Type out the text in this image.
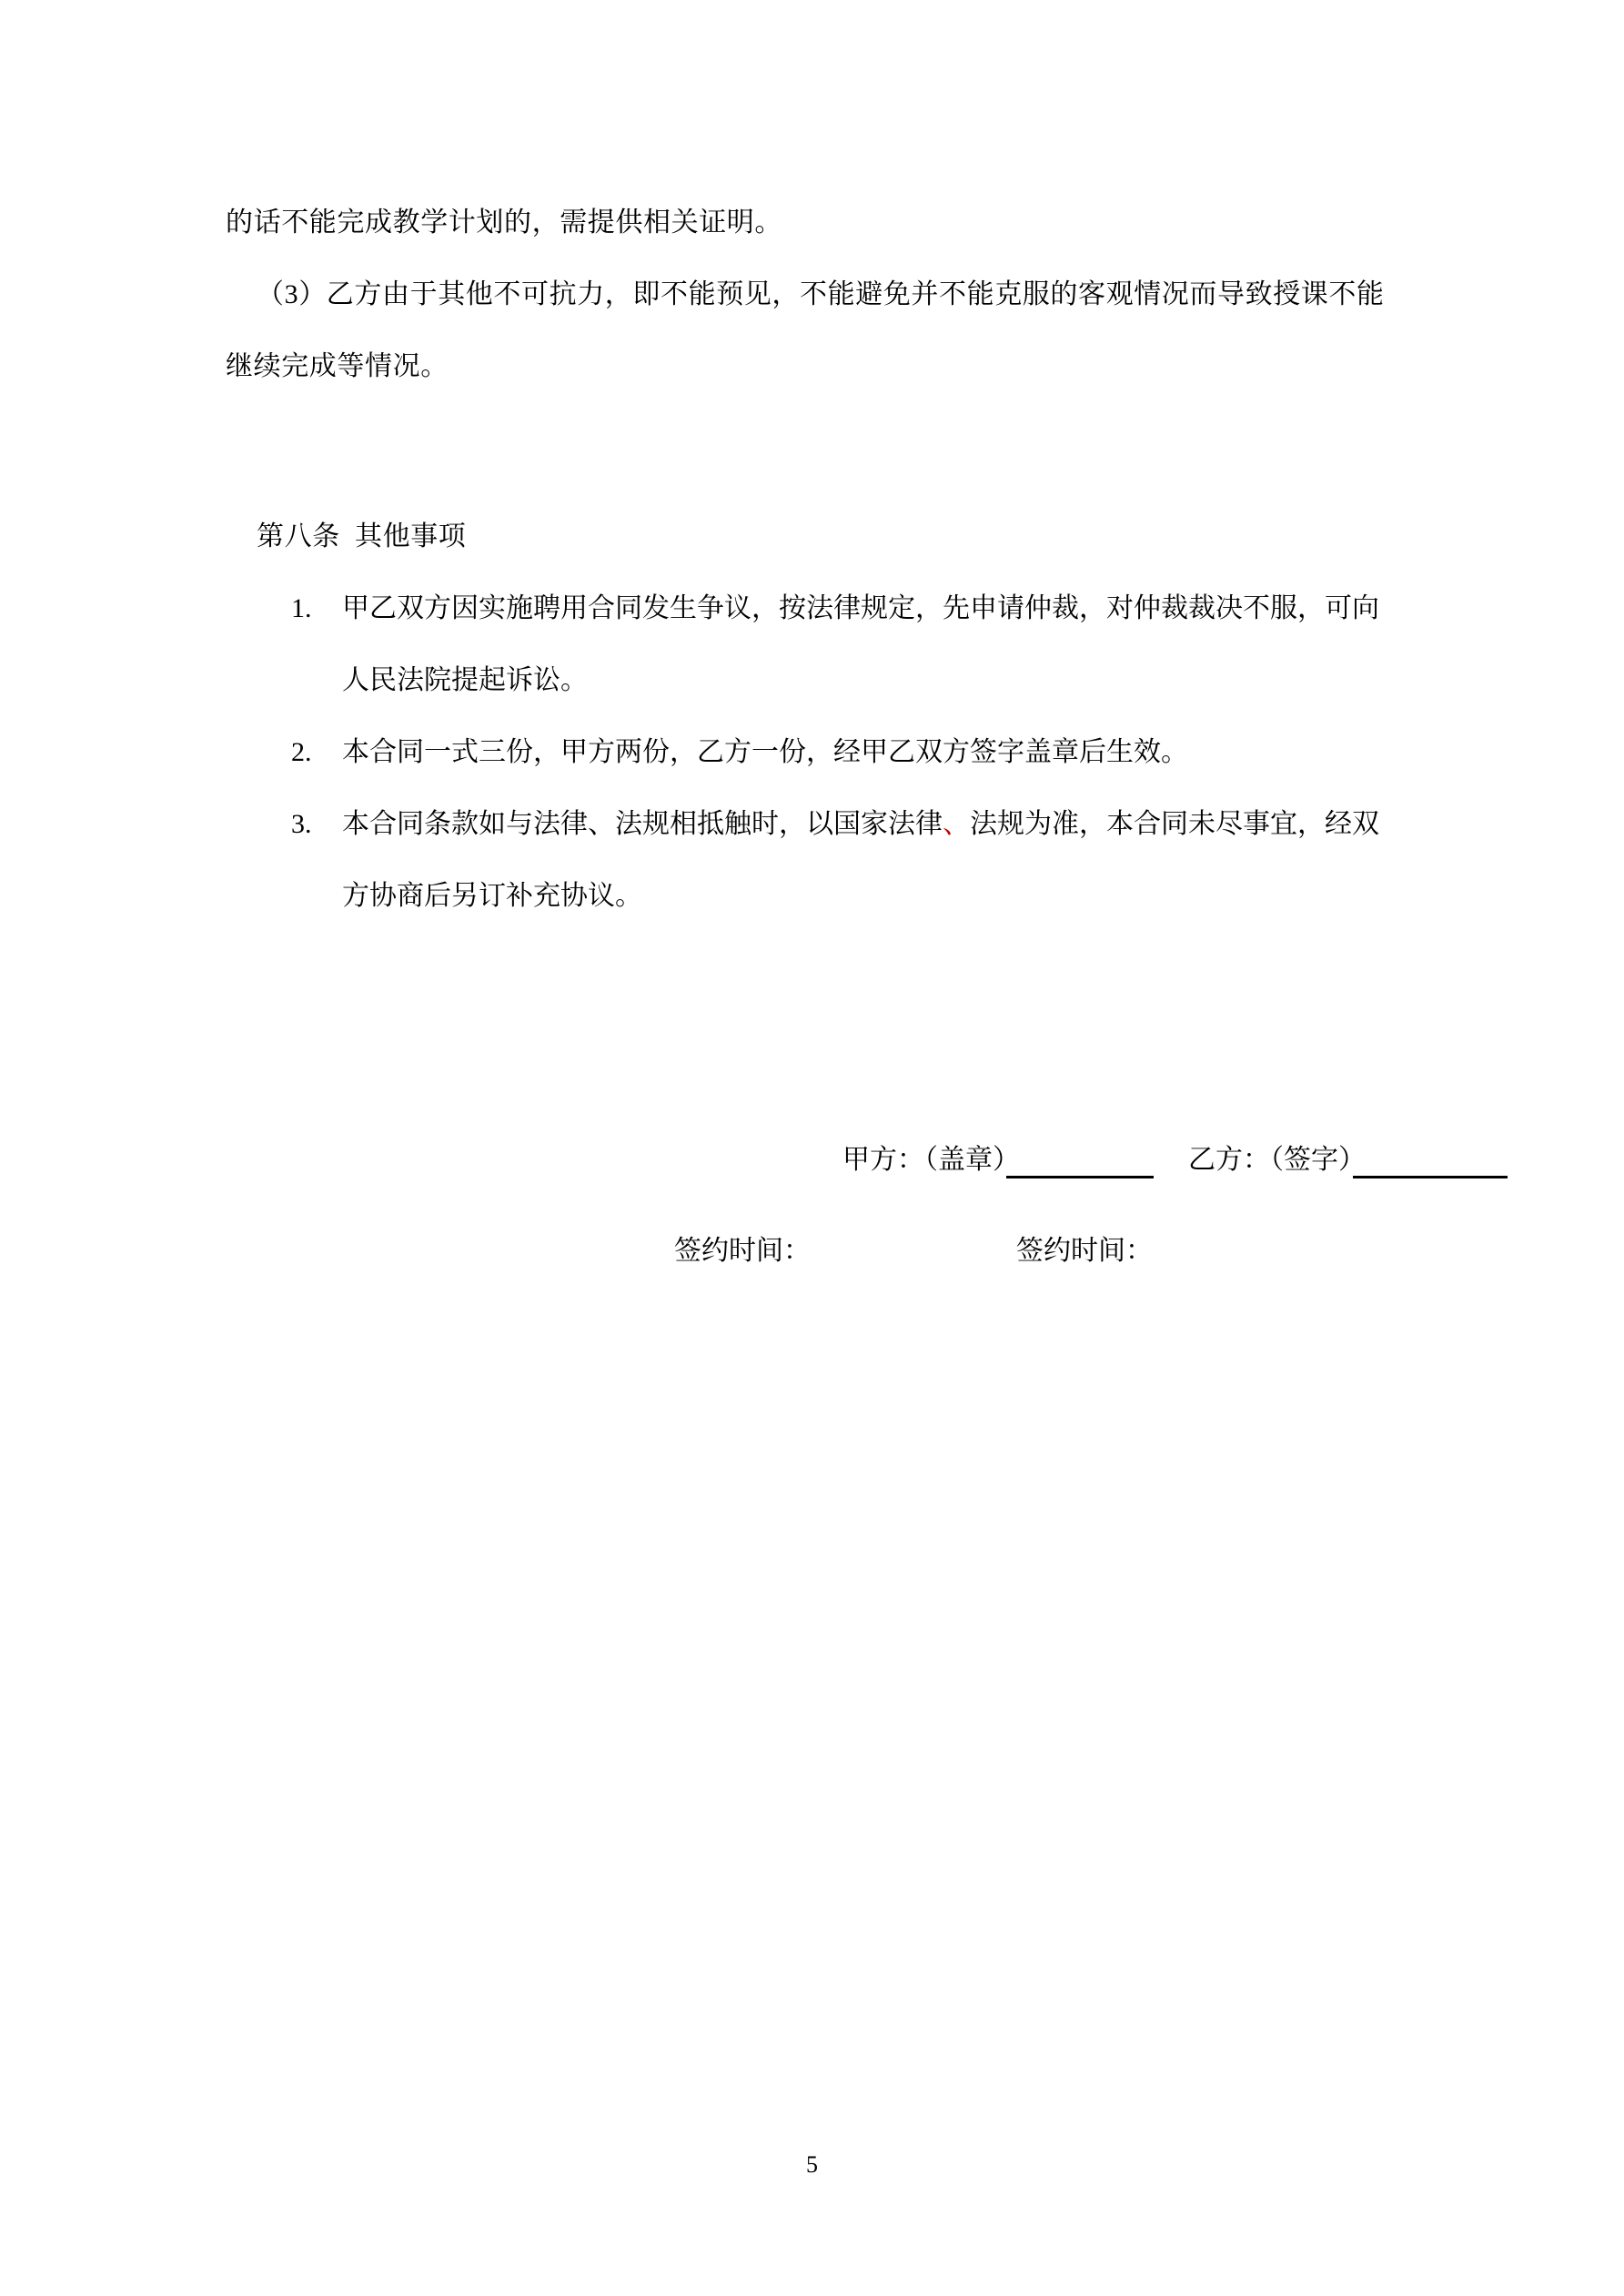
的话不能完成教学计划的，需提供相关证明。

（3）乙方由于其他不可抗力，即不能预见，不能避免并不能克服的客观情况而导致授课不能继续完成等情况。

第八条  其他事项

1.	甲乙双方因实施聘用合同发生争议，按法律规定，先申请仲裁，对仲裁裁决不服，可向人民法院提起诉讼。
2.	本合同一式三份，甲方两份，乙方一份，经甲乙双方签字盖章后生效。
3.	本合同条款如与法律、法规相抵触时，以国家法律、法规为准，本合同未尽事宜，经双方协商后另订补充协议。
甲方：（盖章）	乙方：（签字）
签约时间：	签约时间：
5
